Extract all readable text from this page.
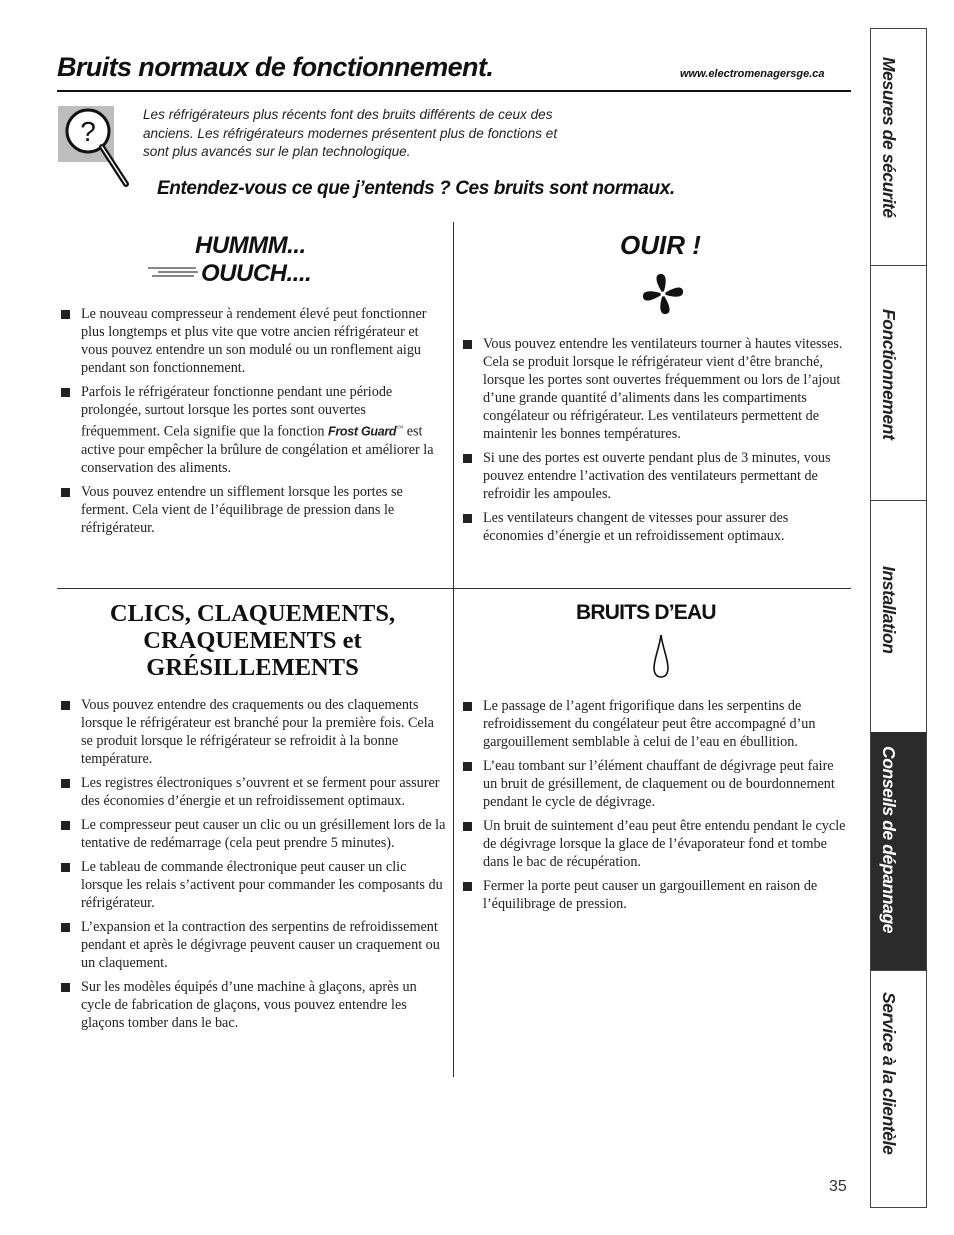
Bruits normaux de fonctionnement.	www.electromenagersge.ca
?
Les réfrigérateurs plus récents font des bruits différents de ceux des anciens. Les réfrigérateurs modernes présentent plus de fonctions et sont plus avancés sur le plan technologique.
Entendez-vous ce que j’entends ? Ces bruits sont normaux.
HUMMM...
OUUCH....
Le nouveau compresseur à rendement élevé peut fonctionner plus longtemps et plus vite que votre ancien réfrigérateur et vous pouvez entendre un son modulé ou un ronflement aigu pendant son fonctionnement.
Parfois le réfrigérateur fonctionne pendant une période prolongée, surtout lorsque les portes sont ouvertes fréquemment. Cela signifie que la fonction Frost Guard™ est active pour empêcher la brûlure de congélation et améliorer la conservation des aliments.
Vous pouvez entendre un sifflement lorsque les portes se ferment. Cela vient de l’équilibrage de pression dans le réfrigérateur.
OUIR !
Vous pouvez entendre les ventilateurs tourner à hautes vitesses. Cela se produit lorsque le réfrigérateur vient d’être branché, lorsque les portes sont ouvertes fréquemment ou lors de l’ajout d’une grande quantité d’aliments dans les compartiments congélateur ou réfrigérateur. Les ventilateurs permettent de maintenir les bonnes températures.
Si une des portes est ouverte pendant plus de 3 minutes, vous pouvez entendre l’activation des ventilateurs permettant de refroidir les ampoules.
Les ventilateurs changent de vitesses pour assurer des économies d’énergie et un refroidissement optimaux.
CLICS, CLAQUEMENTS,
CRAQUEMENTS et
GRÉSILLEMENTS
Vous pouvez entendre des craquements ou des claquements lorsque le réfrigérateur est branché pour la première fois. Cela se produit lorsque le réfrigérateur se refroidit à la bonne température.
Les registres électroniques s’ouvrent et se ferment pour assurer des économies d’énergie et un refroidissement optimaux.
Le compresseur peut causer un clic ou un grésillement lors de la tentative de redémarrage (cela peut prendre 5 minutes).
Le tableau de commande électronique peut causer un clic lorsque les relais s’activent pour commander les composants du réfrigérateur.
L’expansion et la contraction des serpentins de refroidissement pendant et après le dégivrage peuvent causer un craquement ou un claquement.
Sur les modèles équipés d’une machine à glaçons, après un cycle de fabrication de glaçons, vous pouvez entendre les glaçons tomber dans le bac.
BRUITS D’EAU
Le passage de l’agent frigorifique dans les serpentins de refroidissement du congélateur peut être accompagné d’un gargouillement semblable à celui de l’eau en ébullition.
L’eau tombant sur l’élément chauffant de dégivrage peut faire un bruit de grésillement, de claquement ou de bourdonnement pendant le cycle de dégivrage.
Un bruit de suintement d’eau peut être entendu pendant le cycle de dégivrage lorsque la glace de l’évaporateur fond et tombe dans le bac de récupération.
Fermer la porte peut causer un gargouillement en raison de l’équilibrage de pression.
35
Mesures de sécurité
Fonctionnement
Installation
Conseils de dépannage
Service à la clientèle
